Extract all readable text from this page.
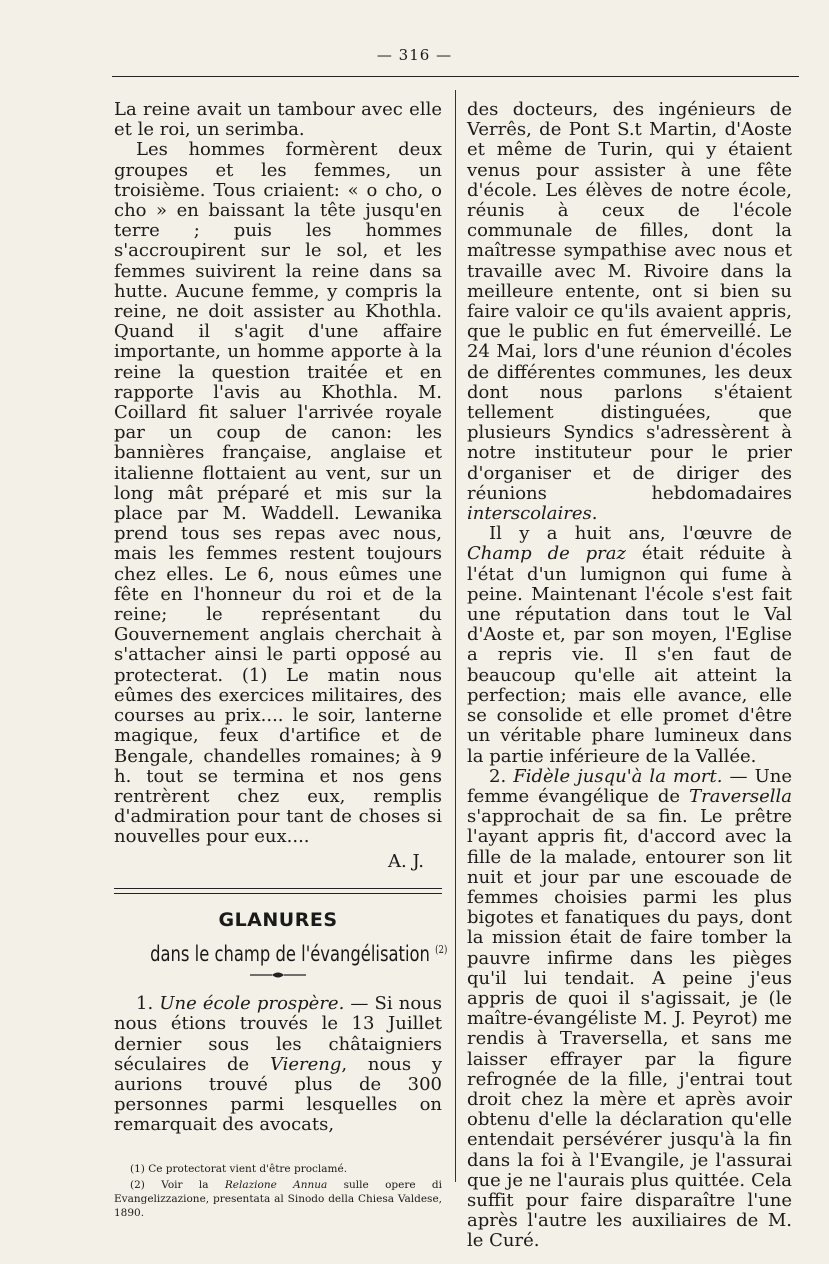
— 316 —

La reine avait un tambour avec elle et le roi, un serimba.

Les hommes formèrent deux groupes et les femmes, un troisième. Tous criaient: « o cho, o cho » en baissant la tête jusqu'en terre ; puis les hommes s'accroupirent sur le sol, et les femmes suivirent la reine dans sa hutte. Aucune femme, y compris la reine, ne doit assister au Khothla. Quand il s'agit d'une affaire importante, un homme apporte à la reine la question traitée et en rapporte l'avis au Khothla. M. Coillard fit saluer l'arrivée royale par un coup de canon: les bannières française, anglaise et italienne flottaient au vent, sur un long mât préparé et mis sur la place par M. Waddell. Lewanika prend tous ses repas avec nous, mais les femmes restent toujours chez elles. Le 6, nous eûmes une fête en l'honneur du roi et de la reine; le représentant du Gouvernement anglais cherchait à s'attacher ainsi le parti opposé au protecterat. (1) Le matin nous eûmes des exercices militaires, des courses au prix.... le soir, lanterne magique, feux d'artifice et de Bengale, chandelles romaines; à 9 h. tout se termina et nos gens rentrèrent chez eux, remplis d'admiration pour tant de choses si nouvelles pour eux....

A. J.

GLANURES

dans le champ de l'évangélisation $^{(2)}$

1. Une école prospère. — Si nous nous étions trouvés le 13 Juillet dernier sous les châtaigniers séculaires de Viereng, nous y aurions trouvé plus de 300 personnes parmi lesquelles on remarquait des avocats,

(1) Ce protectorat vient d'être proclamé.

(2) Voir la Relazione Annua sulle opere di Evangelizzazione, presentata al Sinodo della Chiesa Valdese, 1890.

des docteurs, des ingénieurs de Verrês, de Pont S.t Martin, d'Aoste et même de Turin, qui y étaient venus pour assister à une fête d'école. Les élèves de notre école, réunis à ceux de l'école communale de filles, dont la maîtresse sympathise avec nous et travaille avec M. Rivoire dans la meilleure entente, ont si bien su faire valoir ce qu'ils avaient appris, que le public en fut émerveillé. Le 24 Mai, lors d'une réunion d'écoles de différentes communes, les deux dont nous parlons s'étaient tellement distinguées, que plusieurs Syndics s'adressèrent à notre instituteur pour le prier d'organiser et de diriger des réunions hebdomadaires interscolaires.

Il y a huit ans, l'œuvre de Champ de praz était réduite à l'état d'un lumignon qui fume à peine. Maintenant l'école s'est fait une réputation dans tout le Val d'Aoste et, par son moyen, l'Eglise a repris vie. Il s'en faut de beaucoup qu'elle ait atteint la perfection; mais elle avance, elle se consolide et elle promet d'être un véritable phare lumineux dans la partie inférieure de la Vallée.

2. Fidèle jusqu'à la mort. — Une femme évangélique de Traversella s'approchait de sa fin. Le prêtre l'ayant appris fit, d'accord avec la fille de la malade, entourer son lit nuit et jour par une escouade de femmes choisies parmi les plus bigotes et fanatiques du pays, dont la mission était de faire tomber la pauvre infirme dans les pièges qu'il lui tendait. A peine j'eus appris de quoi il s'agissait, je (le maître-évangéliste M. J. Peyrot) me rendis à Traversella, et sans me laisser effrayer par la figure refrognée de la fille, j'entrai tout droit chez la mère et après avoir obtenu d'elle la déclaration qu'elle entendait persévérer jusqu'à la fin dans la foi à l'Evangile, je l'assurai que je ne l'aurais plus quittée. Cela suffit pour faire disparaître l'une après l'autre les auxiliaires de M. le Curé.
